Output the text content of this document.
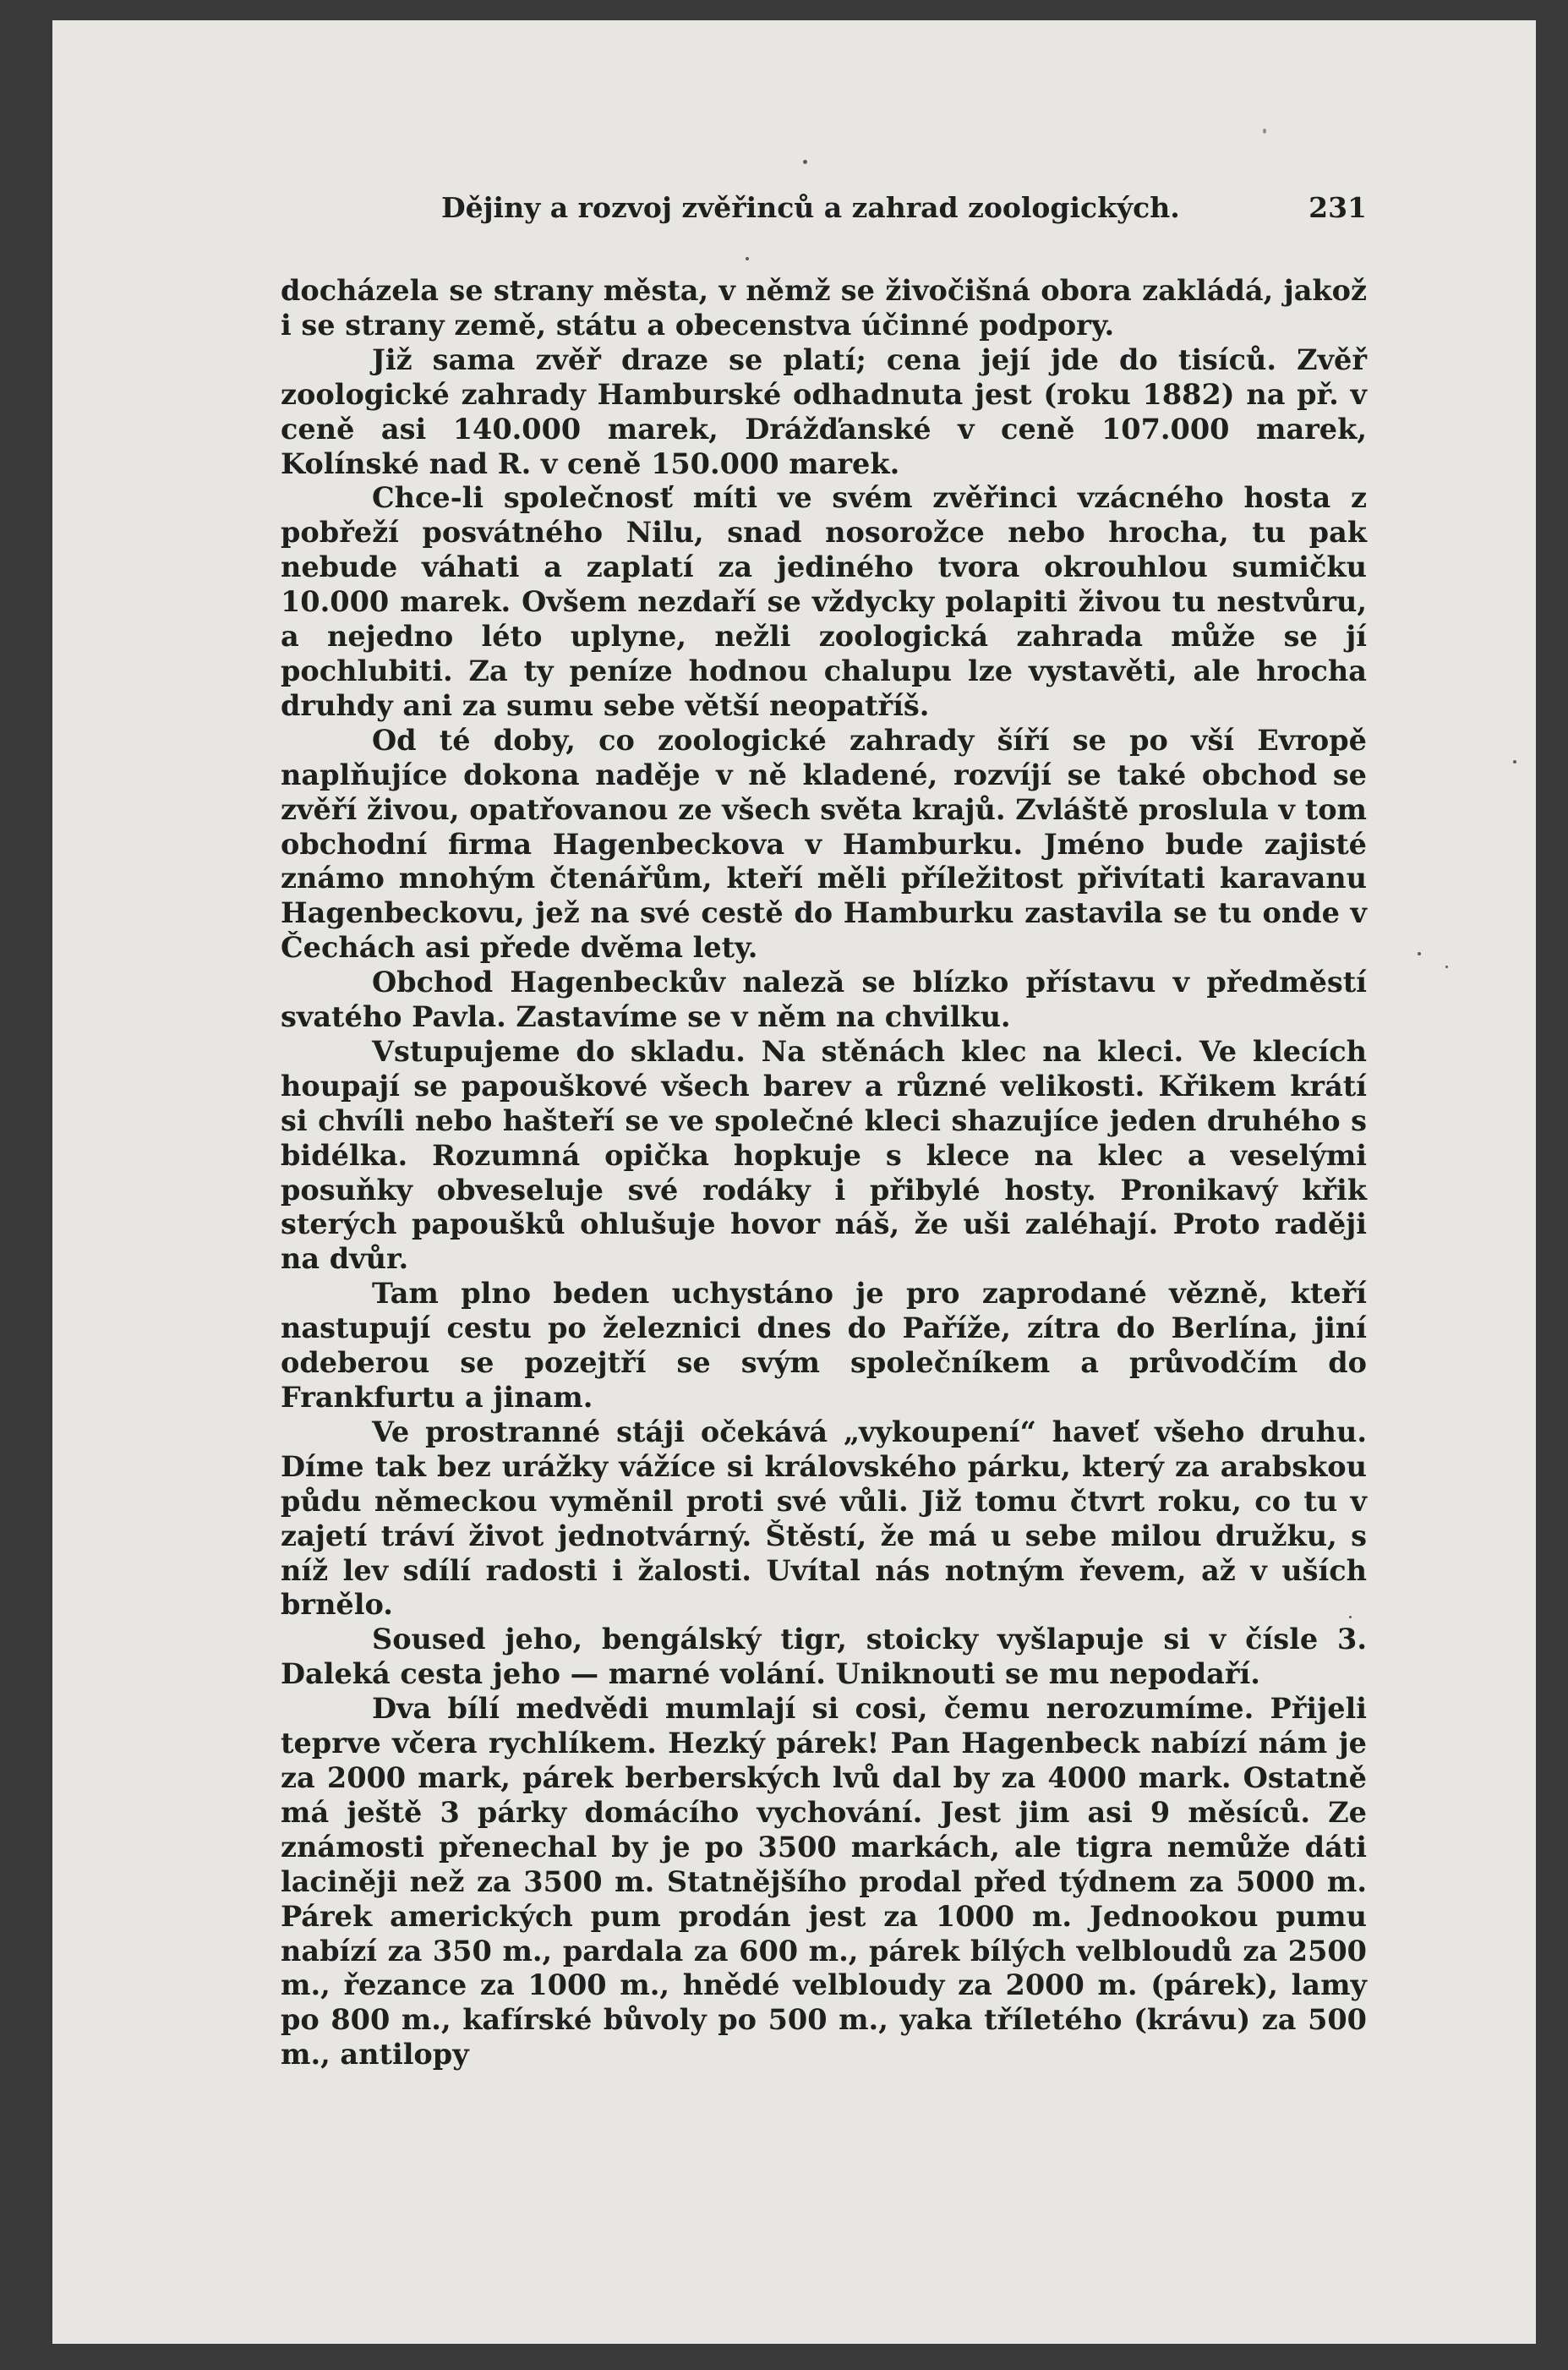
Dějiny a rozvoj zvěřinců a zahrad zoologických.	231

docházela se strany města, v němž se živočišná obora zakládá, jakož i se strany země, státu a obecenstva účinné podpory.

Již sama zvěř draze se platí; cena její jde do tisíců. Zvěř zoologické zahrady Hamburské odhadnuta jest (roku 1882) na př. v ceně asi 140.000 marek, Drážďanské v ceně 107.000 marek, Kolínské nad R. v ceně 150.000 marek.

Chce-li společnosť míti ve svém zvěřinci vzácného hosta z pobřeží posvátného Nilu, snad nosorožce nebo hrocha, tu pak nebude váhati a zaplatí za jediného tvora okrouhlou sumičku 10.000 marek. Ovšem nezdaří se vždycky polapiti živou tu nestvůru, a nejedno léto uplyne, nežli zoologická zahrada může se jí pochlubiti. Za ty peníze hodnou chalupu lze vystavěti, ale hrocha druhdy ani za sumu sebe větší neopatříš.

Od té doby, co zoologické zahrady šíří se po vší Evropě naplňujíce dokona naděje v ně kladené, rozvíjí se také obchod se zvěří živou, opatřovanou ze všech světa krajů. Zvláště proslula v tom obchodní firma Hagenbeckova v Hamburku. Jméno bude zajisté známo mnohým čtenářům, kteří měli příležitost přivítati karavanu Hagenbeckovu, jež na své cestě do Hamburku zastavila se tu onde v Čechách asi přede dvěma lety.

Obchod Hagenbeckův naleză se blízko přístavu v předměstí svatého Pavla. Zastavíme se v něm na chvilku.

Vstupujeme do skladu. Na stěnách klec na kleci. Ve klecích houpají se papouškové všech barev a různé velikosti. Křikem krátí si chvíli nebo hašteří se ve společné kleci shazujíce jeden druhého s bidélka. Rozumná opička hopkuje s klece na klec a veselými posuňky obveseluje své rodáky i přibylé hosty. Pronikavý křik sterých papoušků ohlušuje hovor náš, že uši zaléhají. Proto raději na dvůr.

Tam plno beden uchystáno je pro zaprodané vězně, kteří nastupují cestu po železnici dnes do Paříže, zítra do Berlína, jiní odeberou se pozejtří se svým společníkem a průvodčím do Frankfurtu a jinam.

Ve prostranné stáji očekává „vykoupení“ haveť všeho druhu. Díme tak bez urážky vážíce si královského párku, který za arabskou půdu německou vyměnil proti své vůli. Již tomu čtvrt roku, co tu v zajetí tráví život jednotvárný. Štěstí, že má u sebe milou družku, s níž lev sdílí radosti i žalosti. Uvítal nás notným řevem, až v uších brnělo.

Soused jeho, bengálský tigr, stoicky vyšlapuje si v čísle 3. Daleká cesta jeho — marné volání. Uniknouti se mu nepodaří.

Dva bílí medvědi mumlají si cosi, čemu nerozumíme. Přijeli teprve včera rychlíkem. Hezký párek! Pan Hagenbeck nabízí nám je za 2000 mark, párek berberských lvů dal by za 4000 mark. Ostatně má ještě 3 párky domácího vychování. Jest jim asi 9 měsíců. Ze známosti přenechal by je po 3500 markách, ale tigra nemůže dáti laciněji než za 3500 m. Statnějšího prodal před týdnem za 5000 m. Párek amerických pum prodán jest za 1000 m. Jednookou pumu nabízí za 350 m., pardala za 600 m., párek bílých velbloudů za 2500 m., řezance za 1000 m., hnědé velbloudy za 2000 m. (párek), lamy po 800 m., kafírské bůvoly po 500 m., yaka tříletého (krávu) za 500 m., antilopy
